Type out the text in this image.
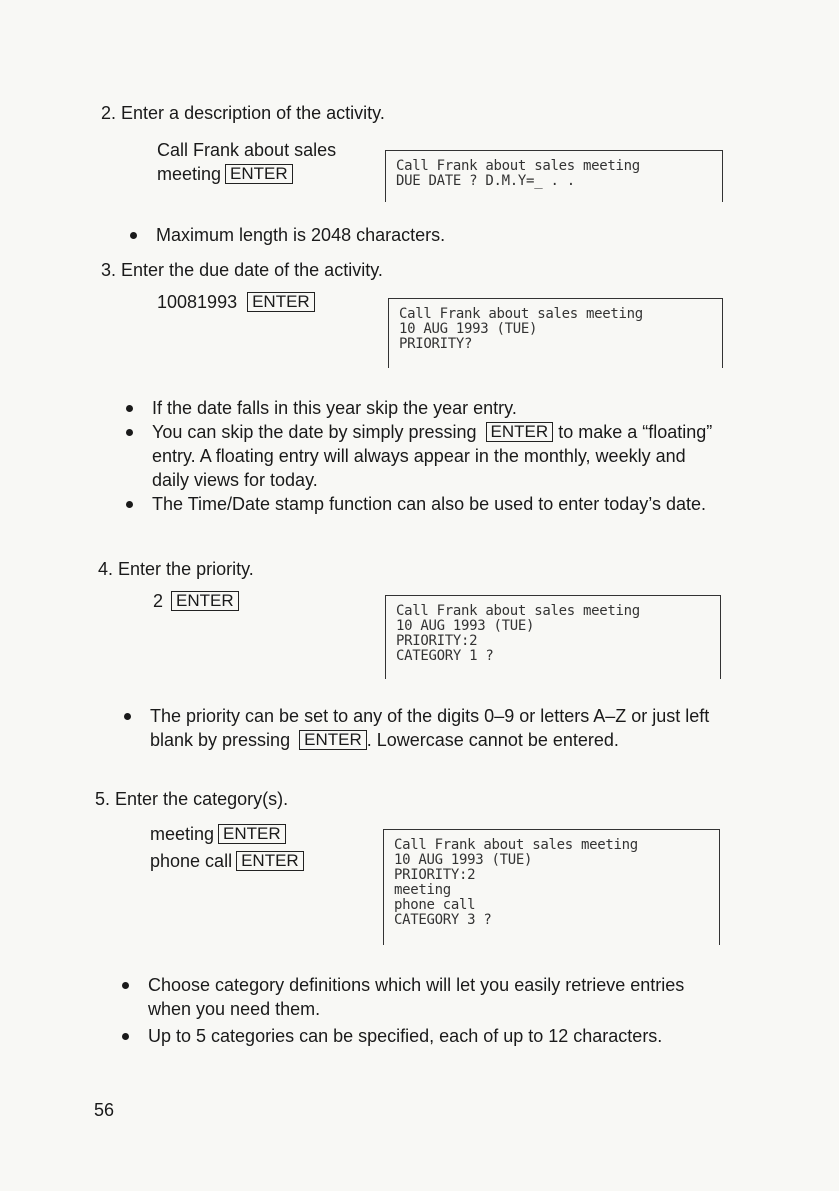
2. Enter a description of the activity.
Call Frank about sales
meeting ENTER	Call Frank about sales meeting
DUE DATE ? D.M.Y=_ . .
Maximum length is 2048 characters.
3. Enter the due date of the activity.
10081993 ENTER
Call Frank about sales meeting
10 AUG 1993 (TUE)
PRIORITY?
If the date falls in this year skip the year entry.
You can skip the date by simply pressing ENTER to make a “floating” entry. A floating entry will always appear in the monthly, weekly and daily views for today.
The Time/Date stamp function can also be used to enter today’s date.
4. Enter the priority.
2 ENTER
Call Frank about sales meeting
10 AUG 1993 (TUE)
PRIORITY:2
CATEGORY 1 ?
The priority can be set to any of the digits 0–9 or letters A–Z or just left blank by pressing ENTER . Lowercase cannot be entered.
5. Enter the category(s).
meeting ENTER
phone call ENTER
Call Frank about sales meeting
10 AUG 1993 (TUE)
PRIORITY:2
meeting
phone call
CATEGORY 3 ?
Choose category definitions which will let you easily retrieve entries when you need them.
Up to 5 categories can be specified, each of up to 12 characters.
56
